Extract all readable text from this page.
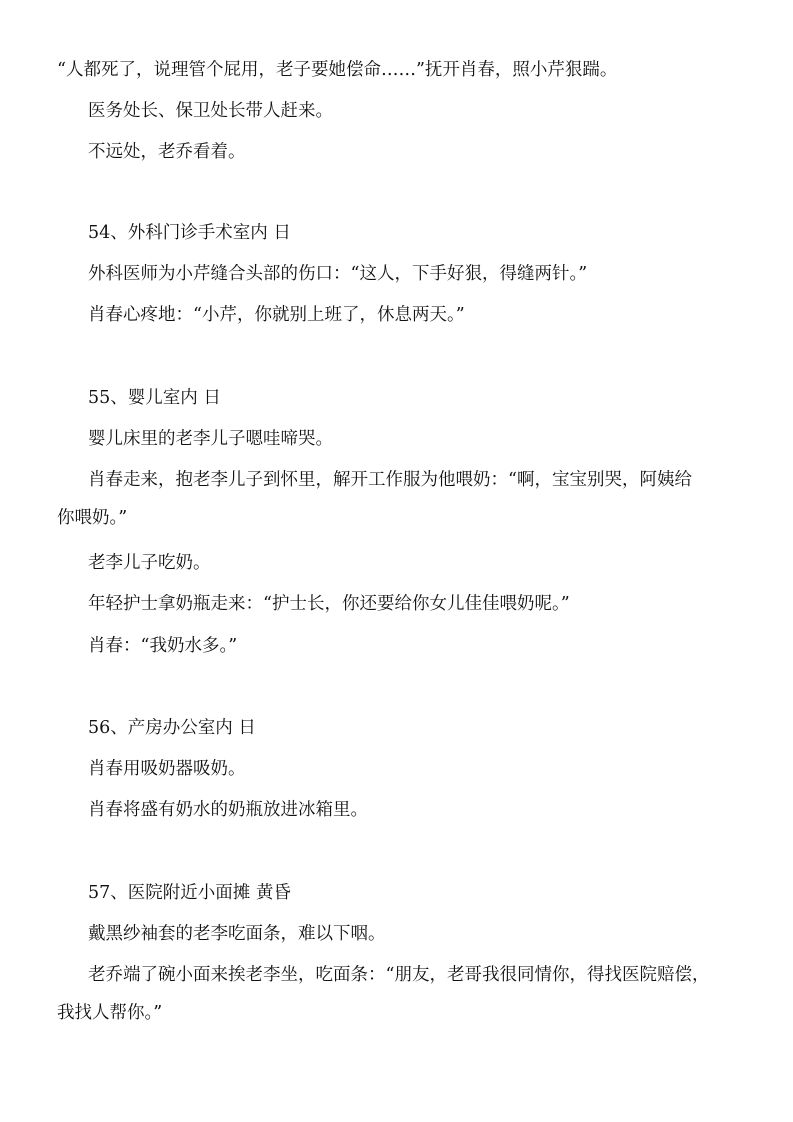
“人都死了，说理管个屁用，老子要她偿命……”抚开肖春，照小芹狠踹。

医务处长、保卫处长带人赶来。

不远处，老乔看着。

54、外科门诊手术室内 日

外科医师为小芹缝合头部的伤口：“这人，下手好狠，得缝两针。”

肖春心疼地：“小芹，你就别上班了，休息两天。”

55、婴儿室内 日

婴儿床里的老李儿子嗯哇啼哭。

肖春走来，抱老李儿子到怀里，解开工作服为他喂奶：“啊，宝宝别哭，阿姨给

你喂奶。”

老李儿子吃奶。

年轻护士拿奶瓶走来：“护士长，你还要给你女儿佳佳喂奶呢。”

肖春：“我奶水多。”

56、产房办公室内 日

肖春用吸奶器吸奶。

肖春将盛有奶水的奶瓶放进冰箱里。

57、医院附近小面摊 黄昏

戴黑纱袖套的老李吃面条，难以下咽。

老乔端了碗小面来挨老李坐，吃面条：“朋友，老哥我很同情你，得找医院赔偿，

我找人帮你。”
